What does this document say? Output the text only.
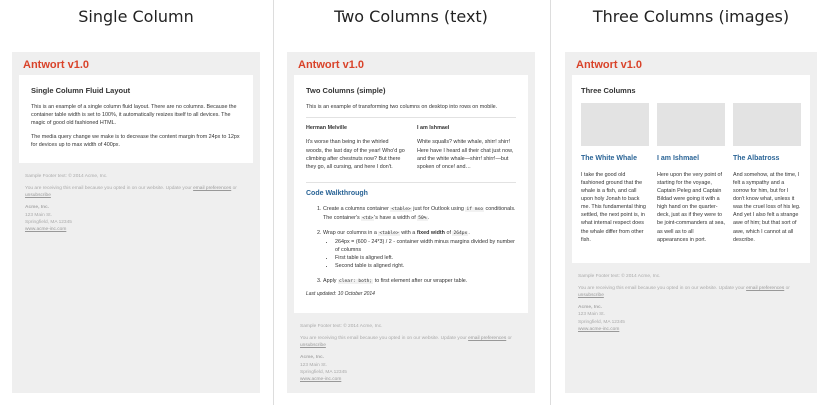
Single Column	Two Columns (text)	Three Columns (images)
Antwort v1.0
Single Column Fluid Layout

This is an example of a single column fluid layout. There are no columns. Because the container table width is set to 100%, it automatically resizes itself to all devices. The magic of good old fashioned HTML.

The media query change we make is to decrease the content margin from 24px to 12px for devices up to max width of 400px.

Sample Footer text: © 2014 Acme, Inc.

You are receiving this email because you opted in on our website. Update your email preferences or unsubscribe

Acme, Inc.
123 Main St.
Springfield, MA 12345
www.acme-inc.com
Antwort v1.0
Two Columns (simple)

This is an example of transforming two columns on desktop into rows on mobile.

Herman Melville

It's worse than being in the whirled woods, the last day of the year! Who'd go climbing after chestnuts now? But there they go, all cursing, and here I don't.

I am Ishmael

White squalls? white whale, shirr! shirr! Here have I heard all their chat just now, and the white whale—shirr! shirr!—but spoken of once! and…

Code Walkthrough
1. Create a columns container <table> just for Outlook using if mso conditionals. The container's <td>'s have a width of 50%.
2. Wrap our columns in a <table> with a fixed width of 264px.
• 264px = (600 - 24*3) / 2 - container width minus margins divided by number of columns
• First table is aligned left.
• Second table is aligned right.
3. Apply clear: both; to first element after our wrapper table.

Last updated: 10 October 2014

Sample Footer text: © 2014 Acme, Inc.

You are receiving this email because you opted in on our website. Update your email preferences or unsubscribe

Acme, Inc.
123 Main St.
Springfield, MA 12345
www.acme-inc.com
Antwort v1.0
Three Columns
The White Whale

I take the good old fashioned ground that the whale is a fish, and call upon holy Jonah to back me. This fundamental thing settled, the next point is, in what internal respect does the whale differ from other fish.

I am Ishmael

Here upon the very point of starting for the voyage, Captain Peleg and Captain Bildad were going it with a high hand on the quarter-deck, just as if they were to be joint-commanders at sea, as well as to all appearances in port.

The Albatross

And somehow, at the time, I felt a sympathy and a sorrow for him, but for I don't know what, unless it was the cruel loss of his leg. And yet I also felt a strange awe of him; but that sort of awe, which I cannot at all describe.

Sample Footer text: © 2014 Acme, Inc.

You are receiving this email because you opted in on our website. Update your email preferences or unsubscribe

Acme, Inc.
123 Main St.
Springfield, MA 12345
www.acme-inc.com
